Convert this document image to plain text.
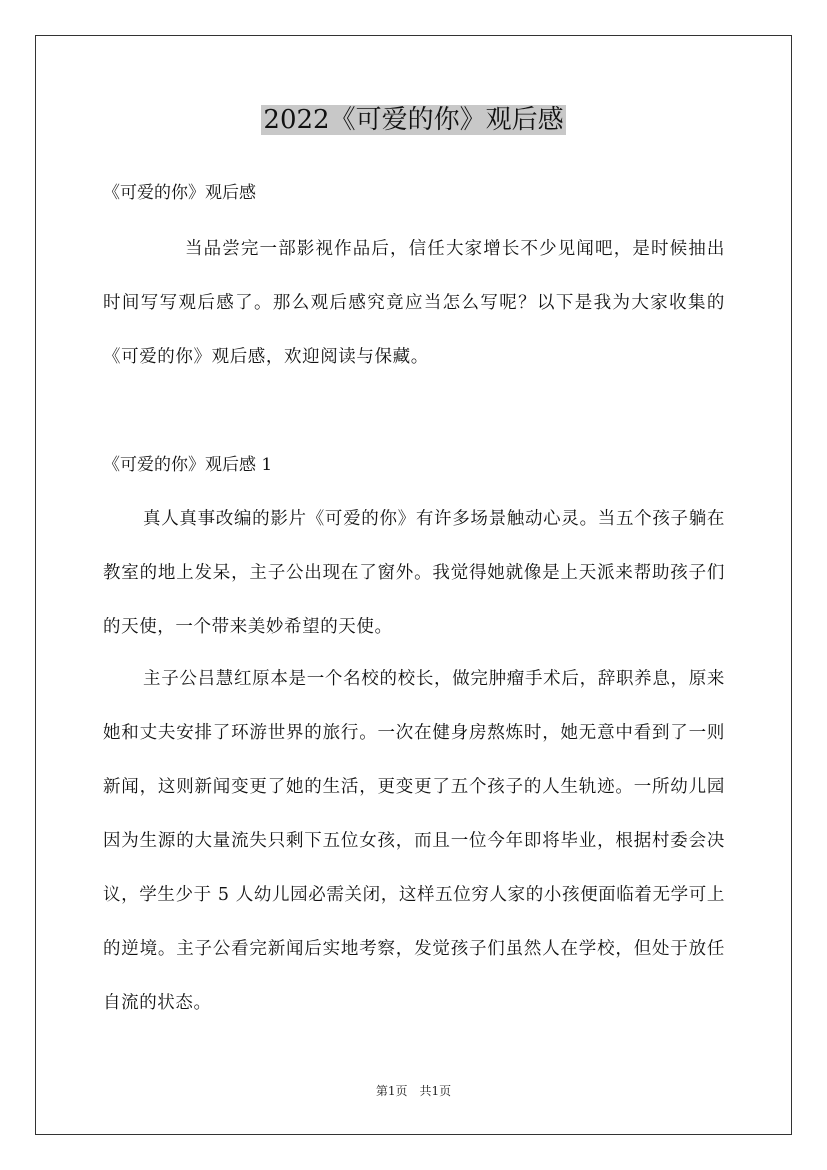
2022《可爱的你》观后感
《可爱的你》观后感
当品尝完一部影视作品后，信任大家增长不少见闻吧，是时候抽出时间写写观后感了。那么观后感究竟应当怎么写呢？以下是我为大家收集的《可爱的你》观后感，欢迎阅读与保藏。
《可爱的你》观后感 1
真人真事改编的影片《可爱的你》有许多场景触动心灵。当五个孩子躺在教室的地上发呆，主子公出现在了窗外。我觉得她就像是上天派来帮助孩子们的天使，一个带来美妙希望的天使。
主子公吕慧红原本是一个名校的校长，做完肿瘤手术后，辞职养息，原来她和丈夫安排了环游世界的旅行。一次在健身房熬炼时，她无意中看到了一则新闻，这则新闻变更了她的生活，更变更了五个孩子的人生轨迹。一所幼儿园因为生源的大量流失只剩下五位女孩，而且一位今年即将毕业，根据村委会决议，学生少于 5 人幼儿园必需关闭，这样五位穷人家的小孩便面临着无学可上的逆境。主子公看完新闻后实地考察，发觉孩子们虽然人在学校，但处于放任自流的状态。
第1页　共1页
